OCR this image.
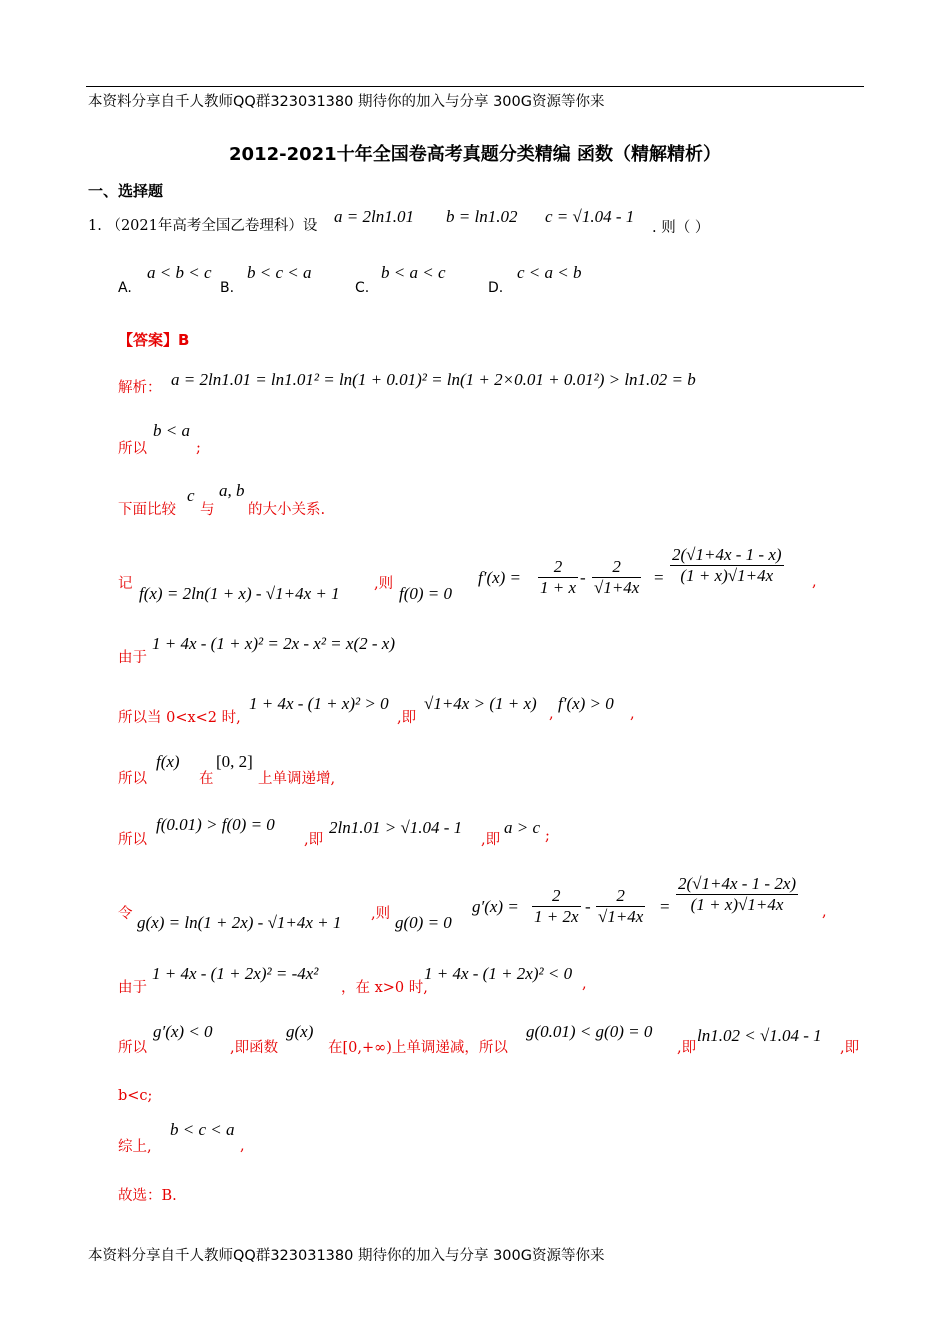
本资料分享自千人教师QQ群323031380 期待你的加入与分享 300G资源等你来
2012-2021十年全国卷高考真题分类精编 函数（精解精析）
一、选择题
1. （2021年高考全国乙卷理科）设 a = 2ln1.01 b = ln1.02 c = √1.04 - 1
. 则（ ）
A.
a < b < c
B.
b < c < a
C.
b < a < c
D.
c < a < b
【答案】B
解析： a = 2ln1.01 = ln1.01² = ln(1 + 0.01)² = ln(1 + 2×0.01 + 0.01²) > ln1.02 = b
所以
b < a
;
下面比较
c
与
a, b
的大小关系.
记 f(x) = 2ln(1 + x) - √1+4x + 1 ,则 f(0) = 0
$f'(x) = \frac{2}{1 + x} - \frac{2}{√1+4x} = \frac{2(√1+4x - 1 - x)}{(1 + x)√1+4x}$ ,
由于
1 + 4x - (1 + x)² = 2x - x² = x(2 - x)
所以当 0<x<2 时,
1 + 4x - (1 + x)² > 0
,即
√1+4x > (1 + x)
,
f′(x) > 0
,
所以
f(x)
在
[0, 2]
上单调递增,
所以
f(0.01) > f(0) = 0
,即
2ln1.01 > √1.04 - 1
,即
a > c ;
令 g(x) = ln(1 + 2x) - √1+4x + 1 ,则 g(0) = 0
$g'(x) = \frac{2}{1 + 2x} - \frac{2}{√1+4x} = \frac{2(√1+4x - 1 - 2x)}{(1 + x)√1+4x}$ ,
由于
1 + 4x - (1 + 2x)² = -4x²
，在 x>0 时,
1 + 4x - (1 + 2x)² < 0
,
所以
g′(x) < 0
,即函数
g(x)
在[0,+∞)上单调递减，所以
g(0.01) < g(0) = 0
,即
ln1.02 < √1.04 - 1
,即
b<c;
综上,
b < c < a
,
故选：B.
本资料分享自千人教师QQ群323031380 期待你的加入与分享 300G资源等你来
